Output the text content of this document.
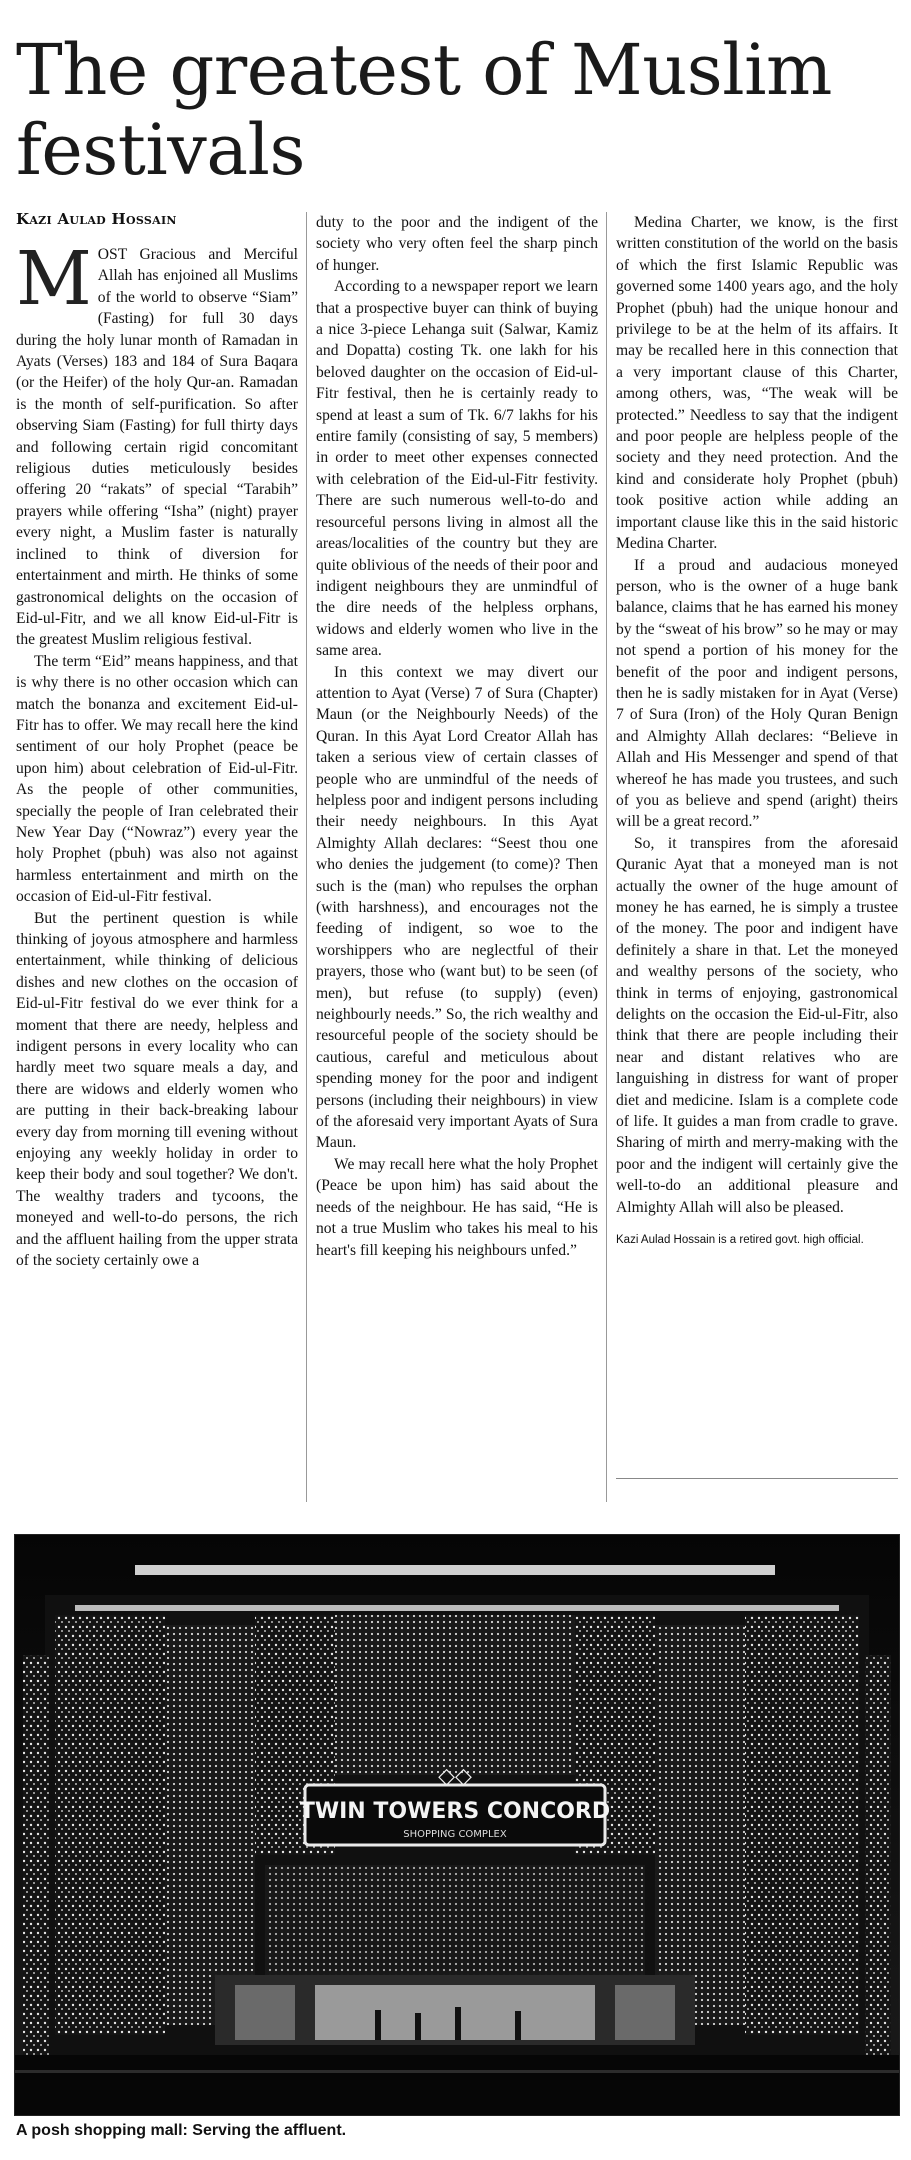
The greatest of Muslim festivals
Kazi Aulad Hossain

MOST Gracious and Merciful Allah has enjoined all Muslims of the world to observe “Siam” (Fasting) for full 30 days during the holy lunar month of Ramadan in Ayats (Verses) 183 and 184 of Sura Baqara (or the Heifer) of the holy Qur-an. Ramadan is the month of self-purification. So after observing Siam (Fasting) for full thirty days and following certain rigid concomitant religious duties meticulously besides offering 20 “rakats” of special “Tarabih” prayers while offering “Isha” (night) prayer every night, a Muslim faster is naturally inclined to think of diversion for entertainment and mirth. He thinks of some gastronomical delights on the occasion of Eid-ul-Fitr, and we all know Eid-ul-Fitr is the greatest Muslim religious festival.

The term “Eid” means happiness, and that is why there is no other occasion which can match the bonanza and excitement Eid-ul-Fitr has to offer. We may recall here the kind sentiment of our holy Prophet (peace be upon him) about celebration of Eid-ul-Fitr. As the people of other communities, specially the people of Iran celebrated their New Year Day (“Nowraz”) every year the holy Prophet (pbuh) was also not against harmless entertainment and mirth on the occasion of Eid-ul-Fitr festival.

But the pertinent question is while thinking of joyous atmosphere and harmless entertainment, while thinking of delicious dishes and new clothes on the occasion of Eid-ul-Fitr festival do we ever think for a moment that there are needy, helpless and indigent persons in every locality who can hardly meet two square meals a day, and there are widows and elderly women who are putting in their back-breaking labour every day from morning till evening without enjoying any weekly holiday in order to keep their body and soul together? We don't. The wealthy traders and tycoons, the moneyed and well-to-do persons, the rich and the affluent hailing from the upper strata of the society certainly owe a

duty to the poor and the indigent of the society who very often feel the sharp pinch of hunger.

According to a newspaper report we learn that a prospective buyer can think of buying a nice 3-piece Lehanga suit (Salwar, Kamiz and Dopatta) costing Tk. one lakh for his beloved daughter on the occasion of Eid-ul-Fitr festival, then he is certainly ready to spend at least a sum of Tk. 6/7 lakhs for his entire family (consisting of say, 5 members) in order to meet other expenses connected with celebration of the Eid-ul-Fitr festivity. There are such numerous well-to-do and resourceful persons living in almost all the areas/localities of the country but they are quite oblivious of the needs of their poor and indigent neighbours they are unmindful of the dire needs of the helpless orphans, widows and elderly women who live in the same area.

In this context we may divert our attention to Ayat (Verse) 7 of Sura (Chapter) Maun (or the Neighbourly Needs) of the Quran. In this Ayat Lord Creator Allah has taken a serious view of certain classes of people who are unmindful of the needs of helpless poor and indigent persons including their needy neighbours. In this Ayat Almighty Allah declares: “Seest thou one who denies the judgement (to come)? Then such is the (man) who repulses the orphan (with harshness), and encourages not the feeding of indigent, so woe to the worshippers who are neglectful of their prayers, those who (want but) to be seen (of men), but refuse (to supply) (even) neighbourly needs.” So, the rich wealthy and resourceful people of the society should be cautious, careful and meticulous about spending money for the poor and indigent persons (including their neighbours) in view of the aforesaid very important Ayats of Sura Maun.

We may recall here what the holy Prophet (Peace be upon him) has said about the needs of the neighbour. He has said, “He is not a true Muslim who takes his meal to his heart's fill keeping his neighbours unfed.”

Medina Charter, we know, is the first written constitution of the world on the basis of which the first Islamic Republic was governed some 1400 years ago, and the holy Prophet (pbuh) had the unique honour and privilege to be at the helm of its affairs. It may be recalled here in this connection that a very important clause of this Charter, among others, was, “The weak will be protected.” Needless to say that the indigent and poor people are helpless people of the society and they need protection. And the kind and considerate holy Prophet (pbuh) took positive action while adding an important clause like this in the said historic Medina Charter.

If a proud and audacious moneyed person, who is the owner of a huge bank balance, claims that he has earned his money by the “sweat of his brow” so he may or may not spend a portion of his money for the benefit of the poor and indigent persons, then he is sadly mistaken for in Ayat (Verse) 7 of Sura (Iron) of the Holy Quran Benign and Almighty Allah declares: “Believe in Allah and His Messenger and spend of that whereof he has made you trustees, and such of you as believe and spend (aright) theirs will be a great record.”

So, it transpires from the aforesaid Quranic Ayat that a moneyed man is not actually the owner of the huge amount of money he has earned, he is simply a trustee of the money. The poor and indigent have definitely a share in that. Let the moneyed and wealthy persons of the society, who think in terms of enjoying, gastronomical delights on the occasion the Eid-ul-Fitr, also think that there are people including their near and distant relatives who are languishing in distress for want of proper diet and medicine. Islam is a complete code of life. It guides a man from cradle to grave. Sharing of mirth and merry-making with the poor and the indigent will certainly give the well-to-do an additional pleasure and Almighty Allah will also be pleased.

Kazi Aulad Hossain is a retired govt. high official.
◇◇
TWIN TOWERS CONCORD
SHOPPING COMPLEX
A posh shopping mall: Serving the affluent.
